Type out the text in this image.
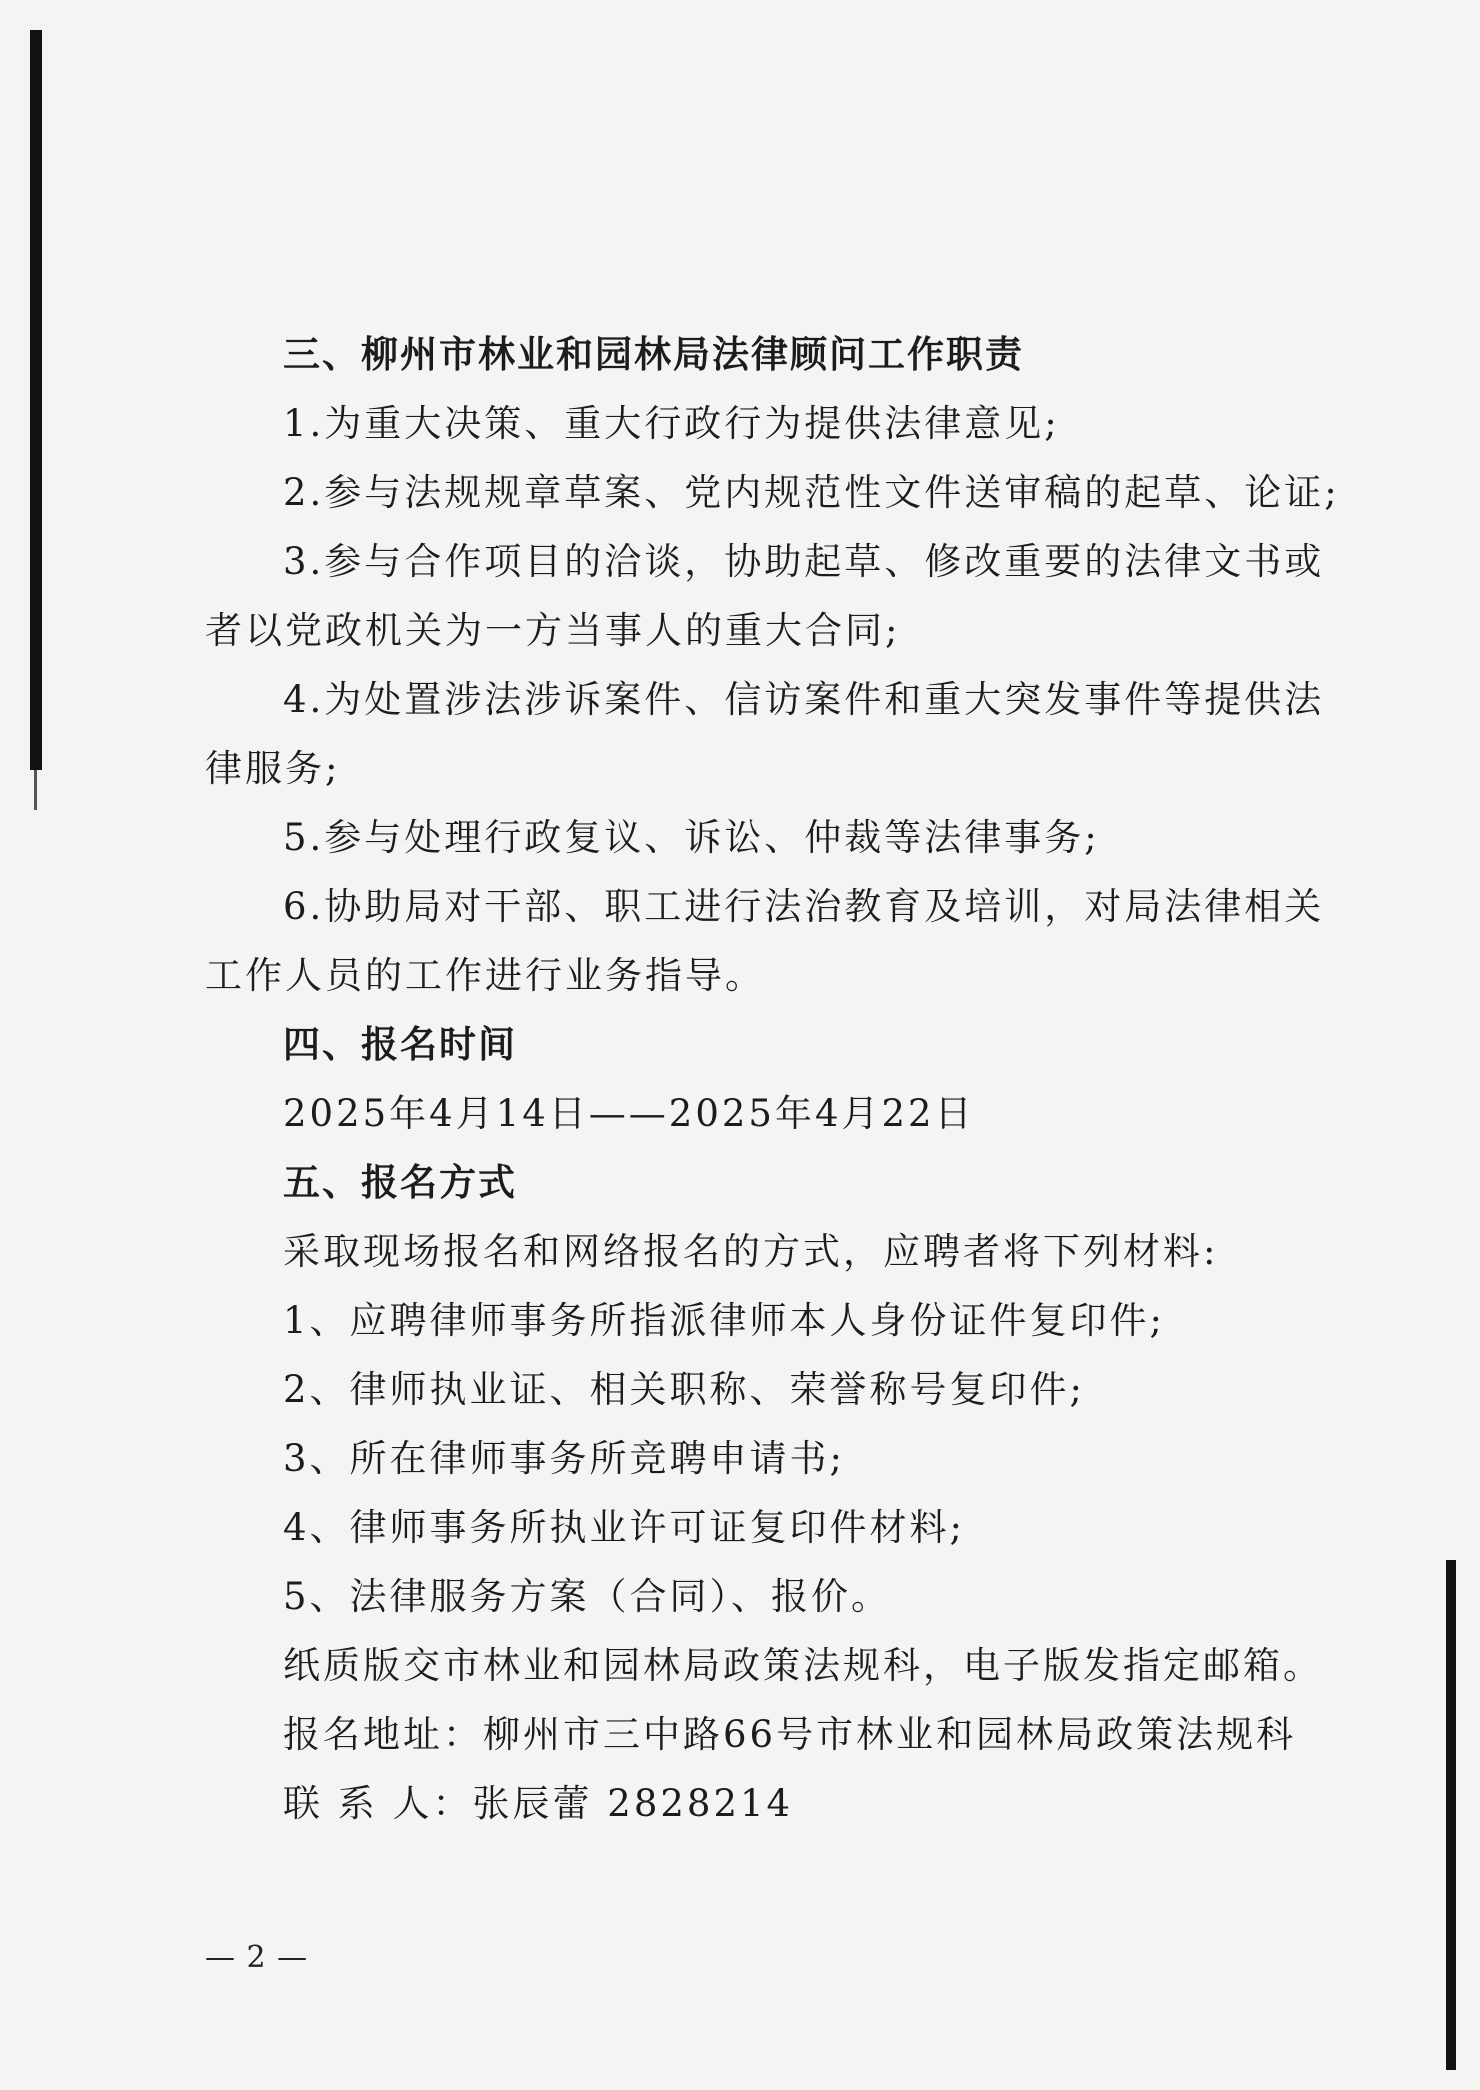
三、柳州市林业和园林局法律顾问工作职责
1.为重大决策、重大行政行为提供法律意见;
2.参与法规规章草案、党内规范性文件送审稿的起草、论证;
3.参与合作项目的洽谈，协助起草、修改重要的法律文书或
者以党政机关为一方当事人的重大合同;
4.为处置涉法涉诉案件、信访案件和重大突发事件等提供法
律服务;
5.参与处理行政复议、诉讼、仲裁等法律事务;
6.协助局对干部、职工进行法治教育及培训，对局法律相关
工作人员的工作进行业务指导。
四、报名时间
2025年4月14日——2025年4月22日
五、报名方式
采取现场报名和网络报名的方式，应聘者将下列材料:
1、应聘律师事务所指派律师本人身份证件复印件;
2、律师执业证、相关职称、荣誉称号复印件;
3、所在律师事务所竞聘申请书;
4、律师事务所执业许可证复印件材料;
5、法律服务方案（合同）、报价。
纸质版交市林业和园林局政策法规科，电子版发指定邮箱。
报名地址：柳州市三中路66号市林业和园林局政策法规科
联 系 人：张辰蕾 2828214
— 2 —
